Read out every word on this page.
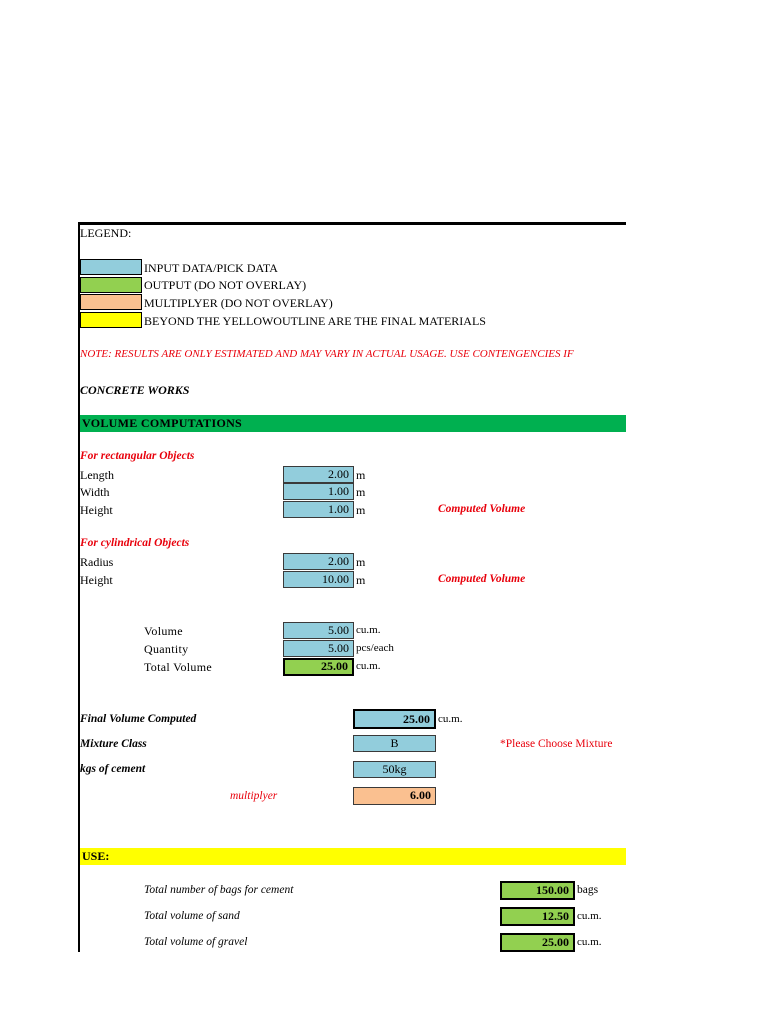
LEGEND:
INPUT DATA/PICK DATA
OUTPUT (DO NOT OVERLAY)
MULTIPLYER (DO NOT OVERLAY)
BEYOND THE YELLOWOUTLINE ARE THE FINAL MATERIALS
NOTE: RESULTS ARE ONLY ESTIMATED AND MAY VARY IN ACTUAL USAGE. USE CONTENGENCIES IF
CONCRETE WORKS
VOLUME COMPUTATIONS
For rectangular Objects
Length	2.00 m
Width	1.00 m
Height	1.00 m	Computed Volume
For cylindrical Objects
Radius	2.00 m
Height	10.00 m	Computed Volume
Volume	5.00 cu.m.
Quantity	5.00 pcs/each
Total Volume	25.00 cu.m.
Final Volume Computed	25.00 cu.m.
Mixture Class	B	*Please Choose Mixture
kgs of cement	50kg
multiplyer	6.00
USE:
Total number of bags for cement	150.00 bags
Total volume of sand	12.50 cu.m.
Total volume of gravel	25.00 cu.m.
